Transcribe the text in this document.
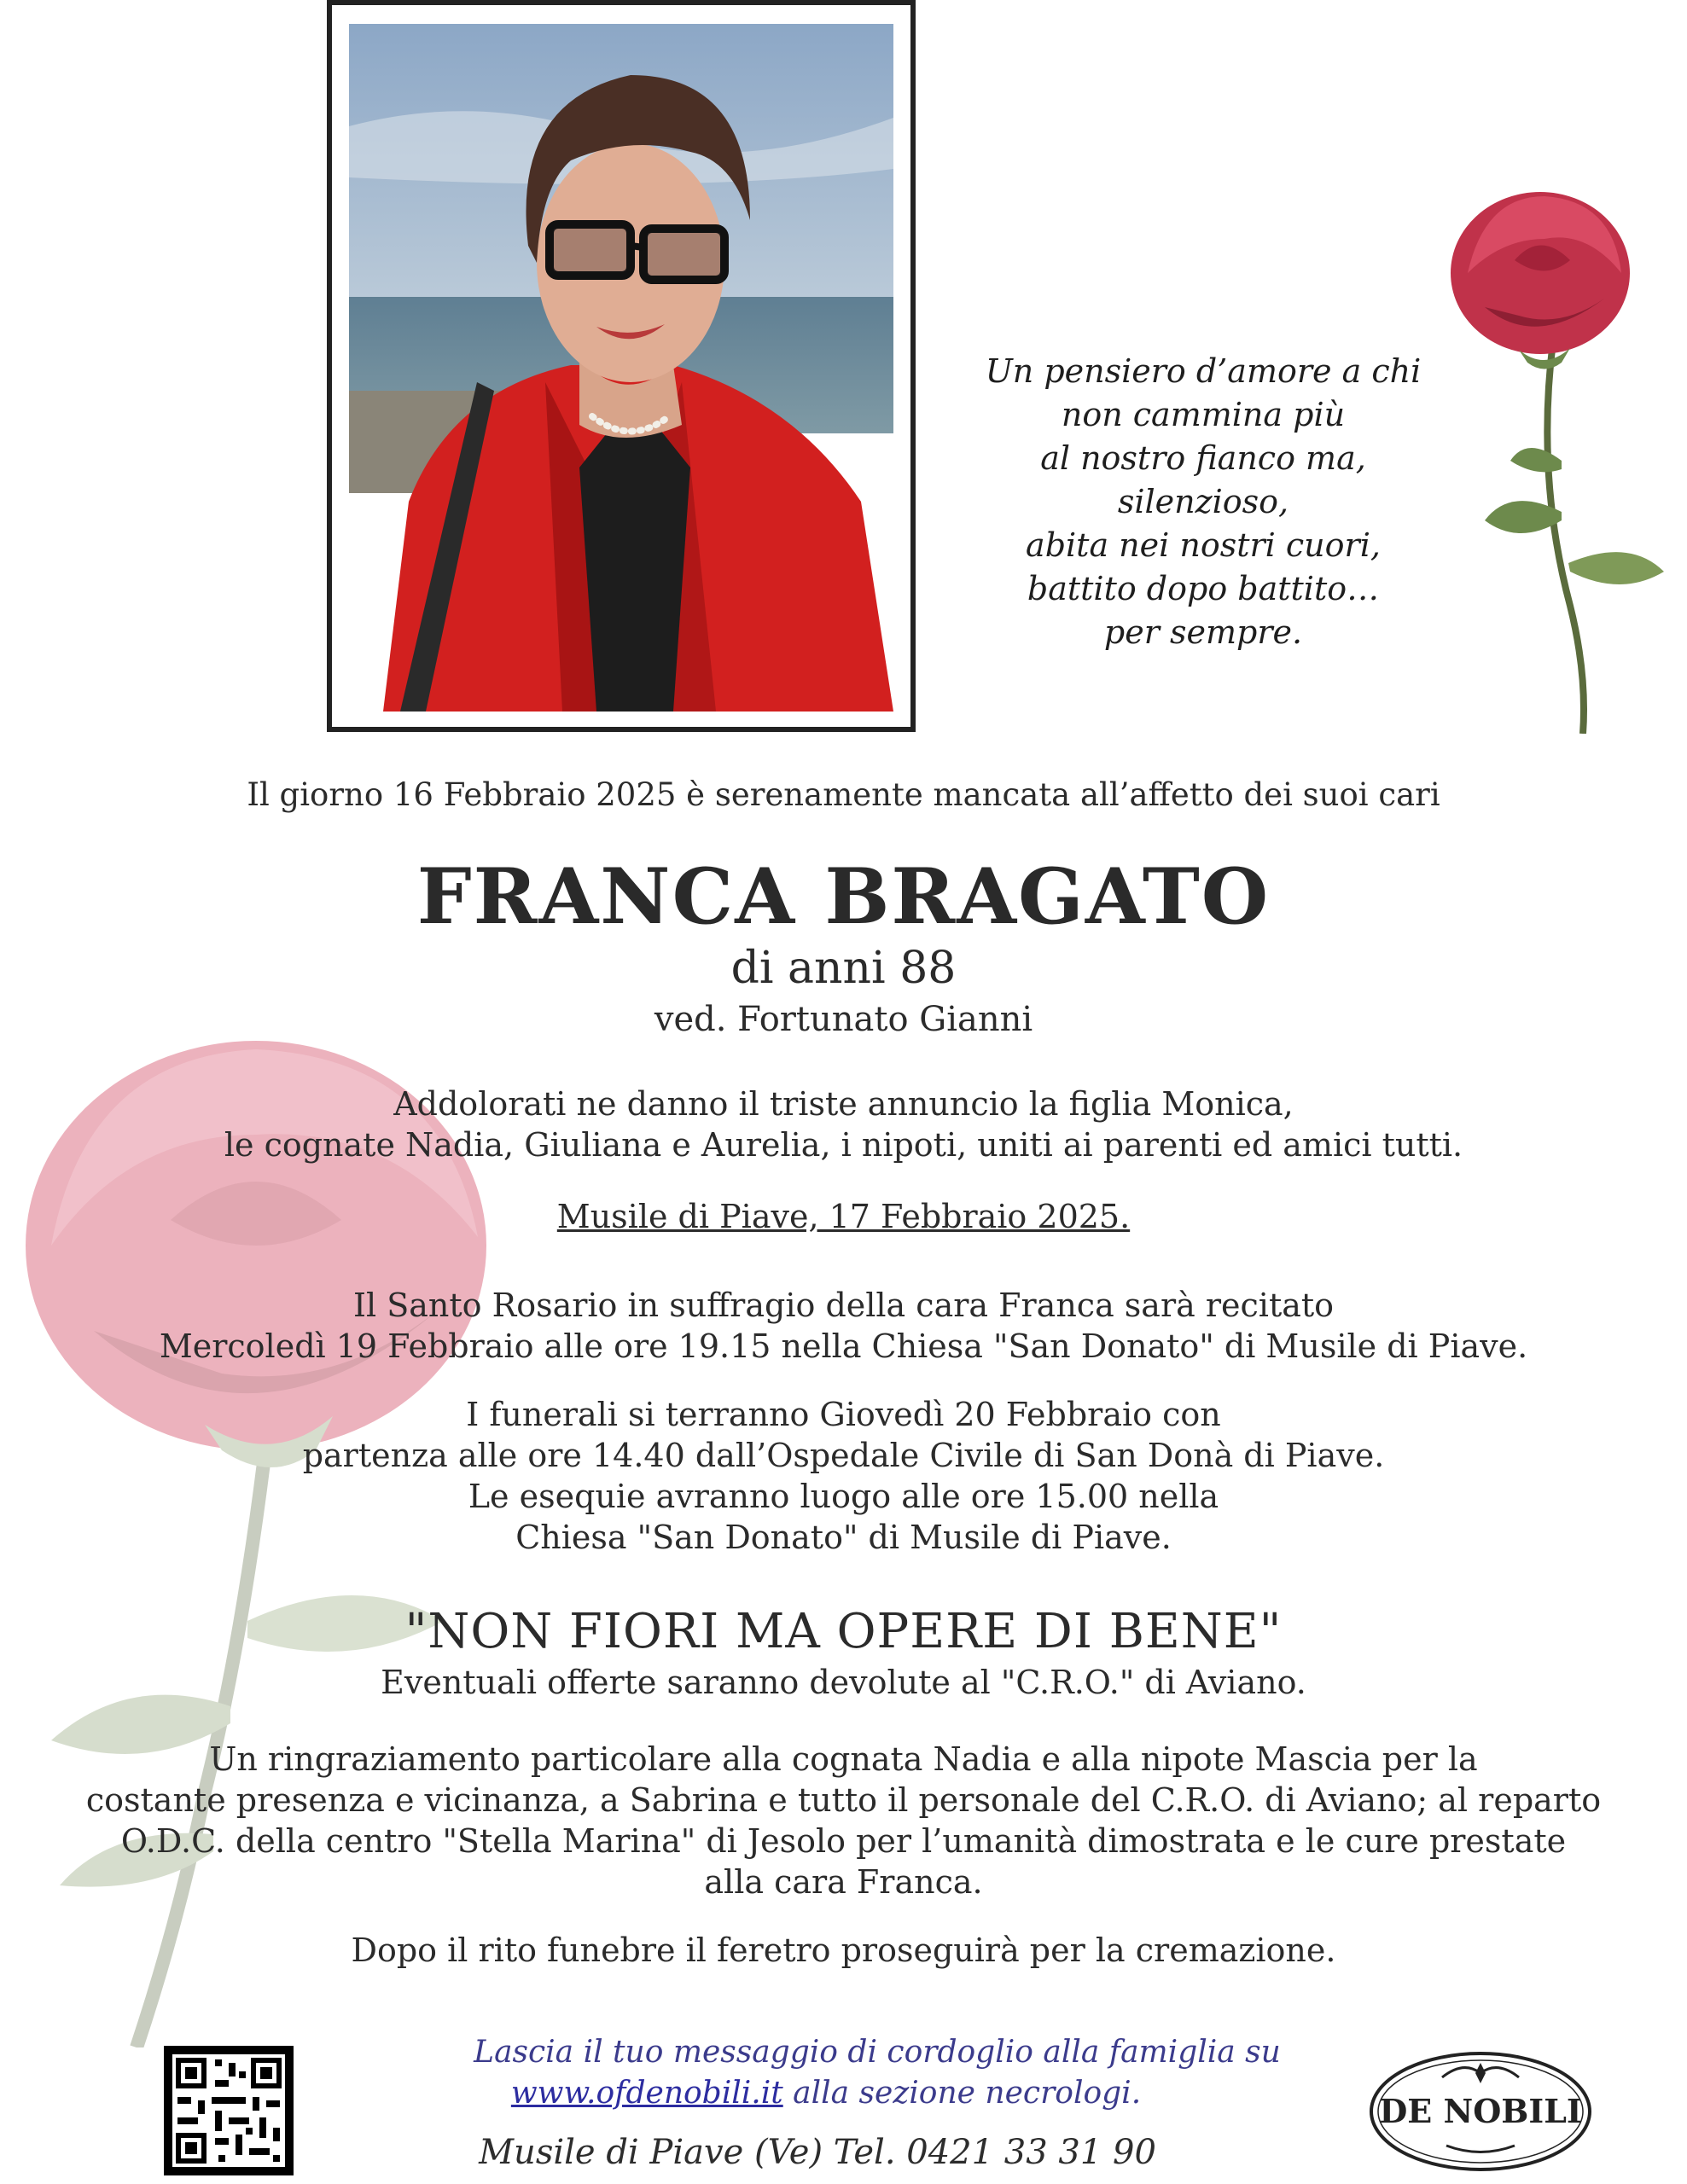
Un pensiero d’amore a chi
non cammina più
al nostro fianco ma,
silenzioso,
abita nei nostri cuori,
battito dopo battito…
per sempre.
Il giorno 16 Febbraio 2025 è serenamente mancata all’affetto dei suoi cari
FRANCA BRAGATO
di anni 88
ved. Fortunato Gianni
Addolorati ne danno il triste annuncio la figlia Monica,
le cognate Nadia, Giuliana e Aurelia, i nipoti, uniti ai parenti ed amici tutti.
Musile di Piave, 17 Febbraio 2025.
Il Santo Rosario in suffragio della cara Franca sarà recitato
Mercoledì 19 Febbraio alle ore 19.15 nella Chiesa "San Donato" di Musile di Piave.
I funerali si terranno Giovedì 20 Febbraio con
partenza alle ore 14.40 dall’Ospedale Civile di San Donà di Piave.
Le esequie avranno luogo alle ore 15.00 nella
Chiesa "San Donato" di Musile di Piave.
"NON FIORI MA OPERE DI BENE"
Eventuali offerte saranno devolute al "C.R.O." di Aviano.
Un ringraziamento particolare alla cognata Nadia e alla nipote Mascia per la
costante presenza e vicinanza, a Sabrina e tutto il personale del C.R.O. di Aviano; al reparto
O.D.C. della centro "Stella Marina" di Jesolo per l’umanità dimostrata e le cure prestate
alla cara Franca.
Dopo il rito funebre il feretro proseguirà per la cremazione.
Lascia il tuo messaggio di cordoglio alla famiglia su
www.ofdenobili.it alla sezione necrologi.
Musile di Piave (Ve) Tel. 0421 33 31 90
DE NOBILI
